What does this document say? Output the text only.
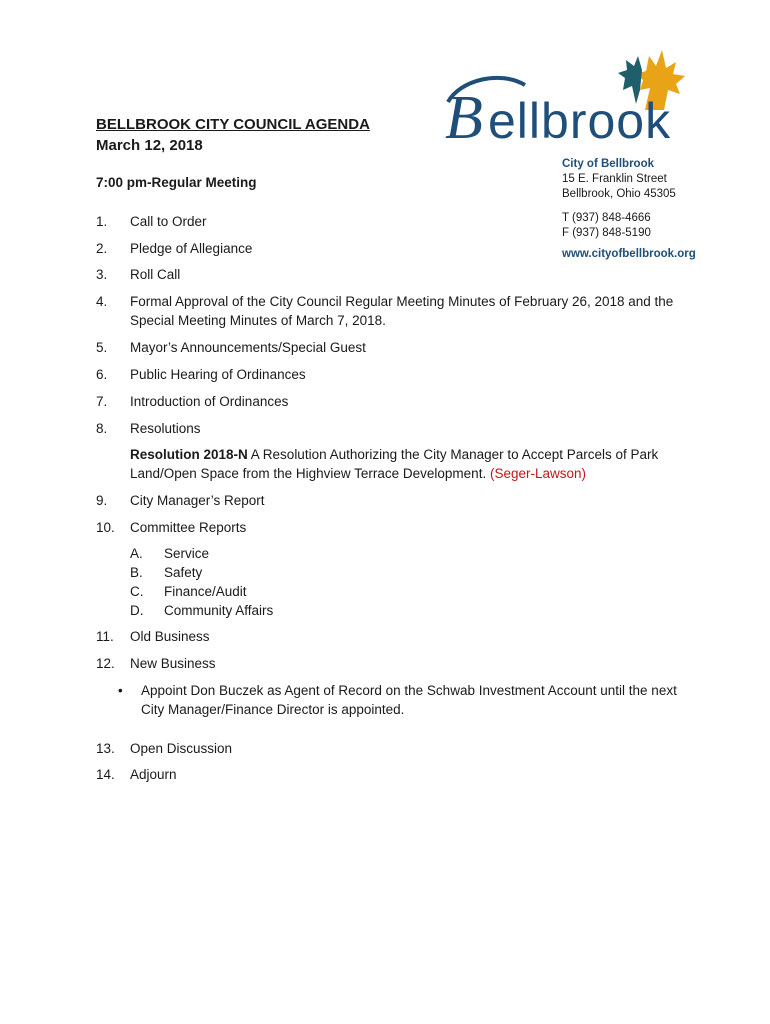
B ellbrook
City of Bellbrook
15 E. Franklin Street
Bellbrook, Ohio 45305
T (937) 848-4666
F (937) 848-5190
www.cityofbellbrook.org
BELLBROOK CITY COUNCIL AGENDA
March 12, 2018
7:00 pm-Regular Meeting
1.	Call to Order
2.	Pledge of Allegiance
3.	Roll Call
4.	Formal Approval of the City Council Regular Meeting Minutes of February 26, 2018 and the Special Meeting Minutes of March 7, 2018.
5.	Mayor’s Announcements/Special Guest
6.	Public Hearing of Ordinances
7.	Introduction of Ordinances
8.	Resolutions
Resolution 2018-N A Resolution Authorizing the City Manager to Accept Parcels of Park Land/Open Space from the Highview Terrace Development. (Seger-Lawson)
9.	City Manager’s Report
10.	Committee Reports
A.	Service
B.	Safety
C.	Finance/Audit
D.	Community Affairs
11.	Old Business
12.	New Business
• Appoint Don Buczek as Agent of Record on the Schwab Investment Account until the next City Manager/Finance Director is appointed.
13.	Open Discussion
14.	Adjourn
